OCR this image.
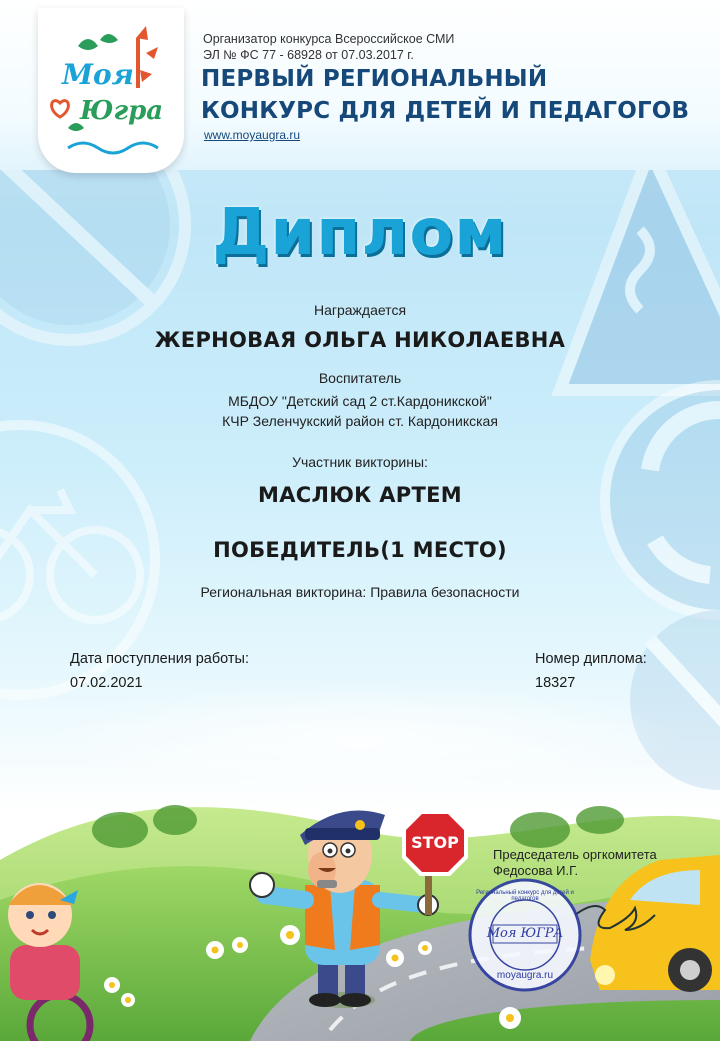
Моя
Югра
Организатор конкурса Всероссийское СМИ
ЭЛ № ФС 77 - 68928 от 07.03.2017 г.
ПЕРВЫЙ РЕГИОНАЛЬНЫЙ
КОНКУРС ДЛЯ ДЕТЕЙ И ПЕДАГОГОВ
www.moyaugra.ru
Диплом
Награждается
ЖЕРНОВАЯ ОЛЬГА НИКОЛАЕВНА
Воспитатель
МБДОУ "Детский сад 2 ст.Кардоникской"
КЧР Зеленчукский район ст. Кардоникская
Участник викторины:
МАСЛЮК АРТЕМ
ПОБЕДИТЕЛЬ(1 МЕСТО)
Региональная викторина: Правила безопасности
Дата поступления работы:
07.02.2021
Номер диплома:
18327
Председатель оргкомитета
Федосова И.Г.
STOP
Моя ЮГРА
Региональный конкурс для детей и педагогов
moyaugra.ru
